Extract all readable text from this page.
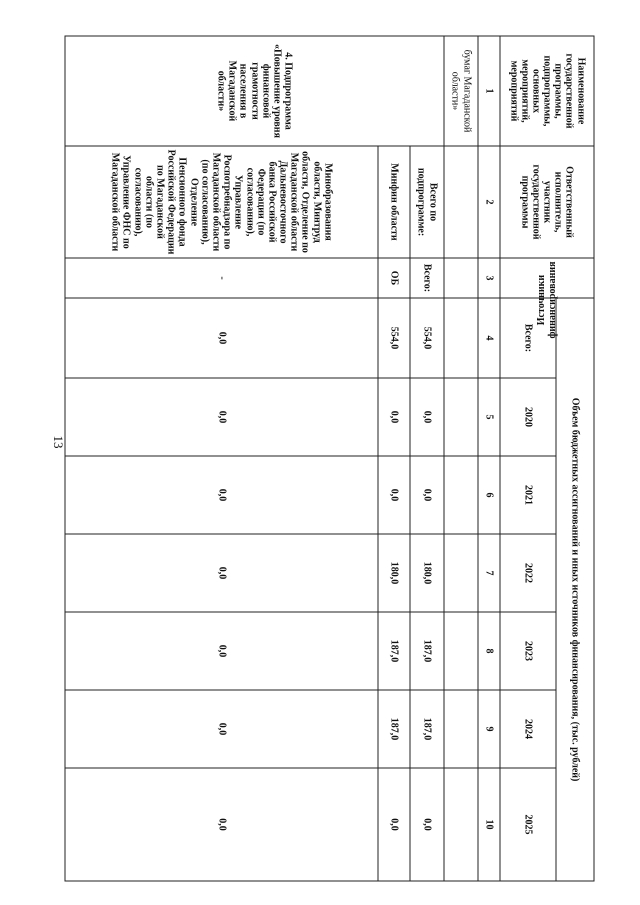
13
Наименование государственной программы, подпрограммы, основных мероприятий, мероприятий	Ответственный исполнитель, участник государственной программы	Источники финансирования	Объем бюджетных ассигнований и иных источников финансирования, (тыс. рублей)						
			Всего:	2020	2021	2022	2023	2024	2025
1	2	3	4	5	6	7	8	9	10
бумаг Магаданской области»									
4. Подпрограмма «Повышение уровня финансовой грамотности населения в Магаданской области»	Всего по подпрограмме:	Всего:	554,0	0,0	0,0	180,0	187,0	187,0	0,0
	Минфин области	ОБ	554,0	0,0	0,0	180,0	187,0	187,0	0,0
	Минобразования области, Минтруд области, Отделение по Магаданской области Дальневосточного банка Российской Федерации (по согласованию), Управление Роспотребнадзора по Магаданской области (по согласованию), Отделение Пенсионного фонда Российской Федерации по Магаданской области (по согласованию), Управление ФНС по Магаданской области	-	0,0	0,0	0,0	0,0	0,0	0,0	0,0
